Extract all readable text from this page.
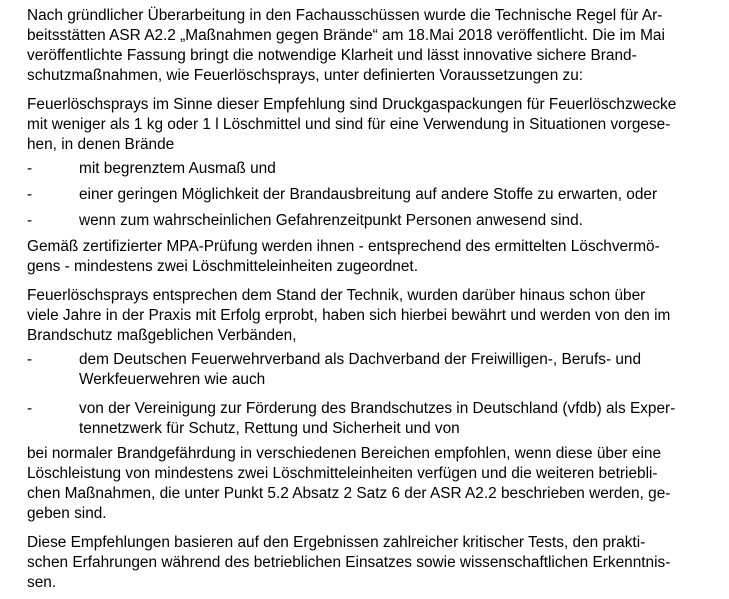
Nach gründlicher Überarbeitung in den Fachausschüssen wurde die Technische Regel für Ar-
beitsstätten ASR A2.2 „Maßnahmen gegen Brände“ am 18.Mai 2018 veröffentlicht. Die im Mai
veröffentlichte Fassung bringt die notwendige Klarheit und lässt innovative sichere Brand-
schutzmaßnahmen, wie Feuerlöschsprays, unter definierten Voraussetzungen zu:
Feuerlöschsprays im Sinne dieser Empfehlung sind Druckgaspackungen für Feuerlöschzwecke
mit weniger als 1 kg oder 1 l Löschmittel und sind für eine Verwendung in Situationen vorgese-
hen, in denen Brände
-	mit begrenztem Ausmaß und
-	einer geringen Möglichkeit der Brandausbreitung auf andere Stoffe zu erwarten, oder
-	wenn zum wahrscheinlichen Gefahrenzeitpunkt Personen anwesend sind.
Gemäß zertifizierter MPA-Prüfung werden ihnen - entsprechend des ermittelten Löschvermö-
gens - mindestens zwei Löschmitteleinheiten zugeordnet.
Feuerlöschsprays entsprechen dem Stand der Technik, wurden darüber hinaus schon über
viele Jahre in der Praxis mit Erfolg erprobt, haben sich hierbei bewährt und werden von den im
Brandschutz maßgeblichen Verbänden,
-	dem Deutschen Feuerwehrverband als Dachverband der Freiwilligen-, Berufs- und
Werkfeuerwehren wie auch
-	von der Vereinigung zur Förderung des Brandschutzes in Deutschland (vfdb) als Exper-
tennetzwerk für Schutz, Rettung und Sicherheit und von
bei normaler Brandgefährdung in verschiedenen Bereichen empfohlen, wenn diese über eine
Löschleistung von mindestens zwei Löschmitteleinheiten verfügen und die weiteren betriebli-
chen Maßnahmen, die unter Punkt 5.2 Absatz 2 Satz 6 der ASR A2.2 beschrieben werden, ge-
geben sind.
Diese Empfehlungen basieren auf den Ergebnissen zahlreicher kritischer Tests, den prakti-
schen Erfahrungen während des betrieblichen Einsatzes sowie wissenschaftlichen Erkenntnis-
sen.
